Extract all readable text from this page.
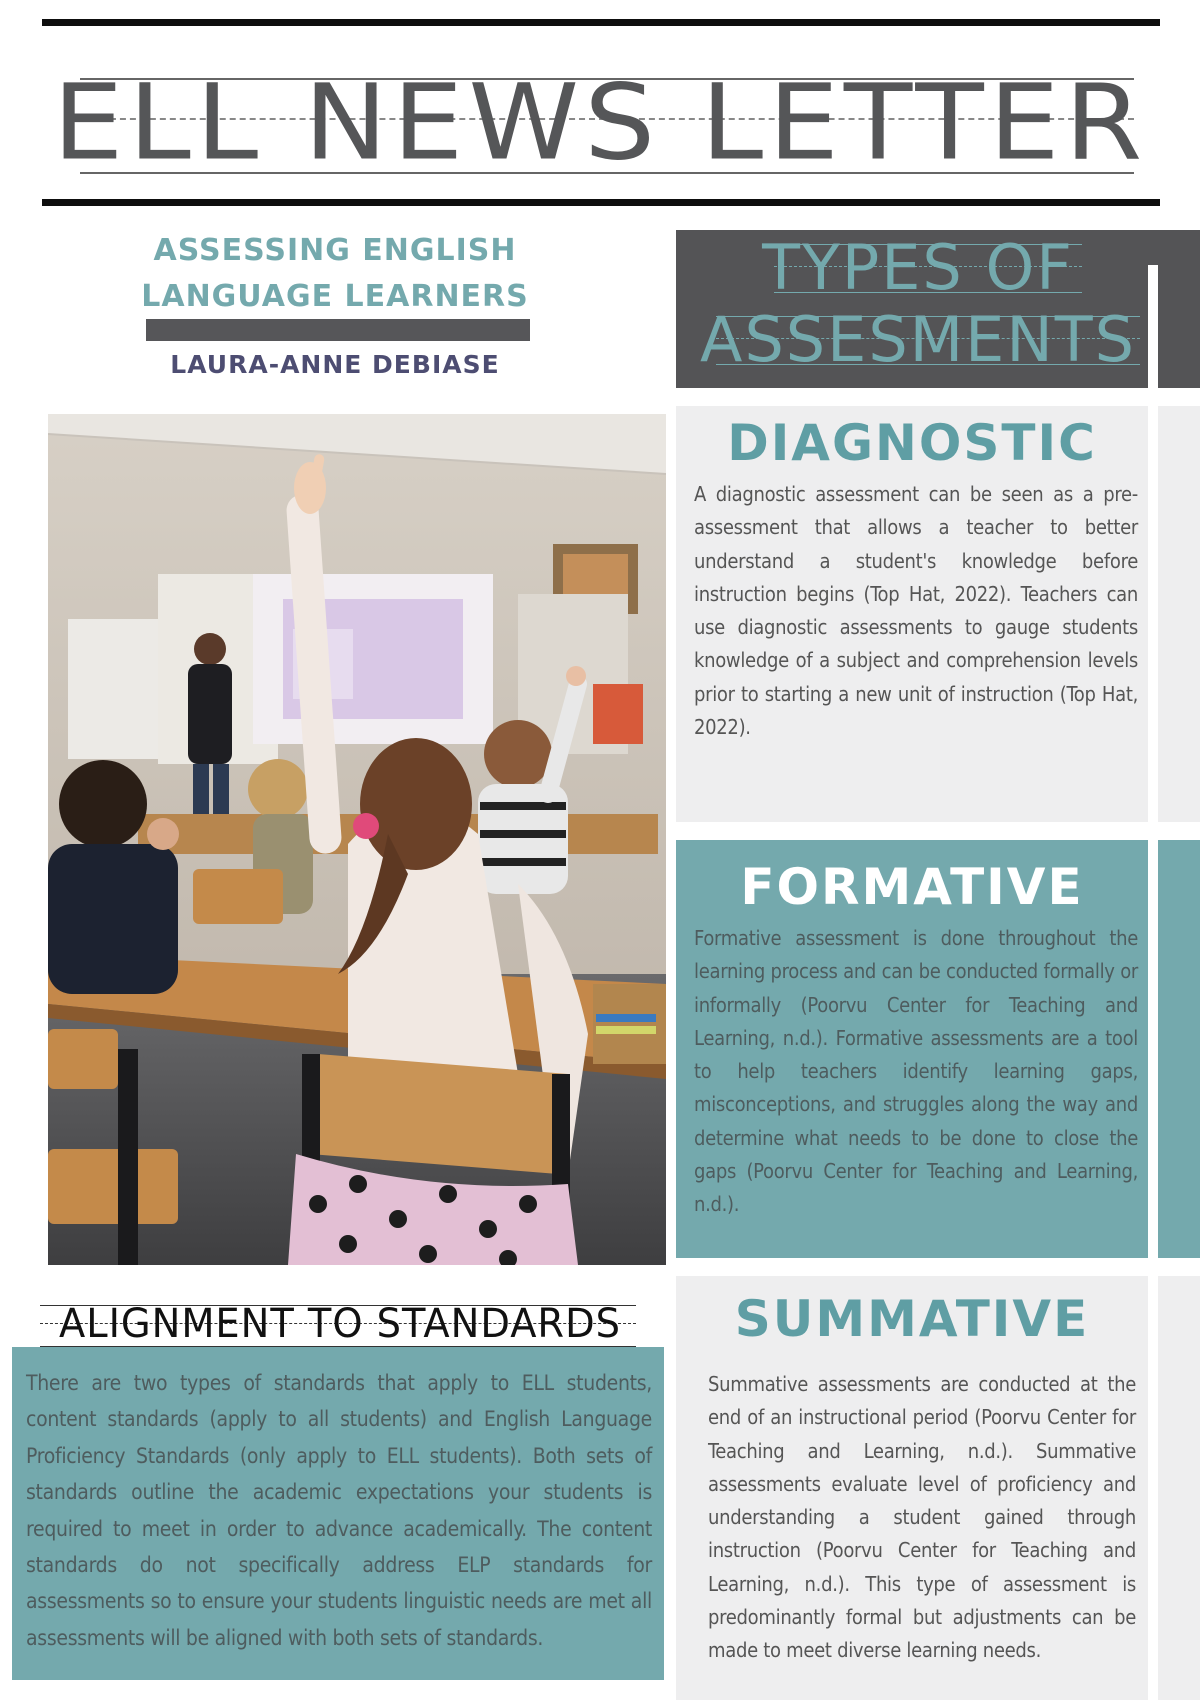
ELL NEWS LETTER
ASSESSING ENGLISH LANGUAGE LEARNERS
LAURA-ANNE DEBIASE
TYPES OF
ASSESMENTS
DIAGNOSTIC
A diagnostic assessment can be seen as a pre-assessment that allows a teacher to better understand a student's knowledge before instruction begins (Top Hat, 2022). Teachers can use diagnostic assessments to gauge students knowledge of a subject and comprehension levels prior to starting a new unit of instruction (Top Hat, 2022).
FORMATIVE
Formative assessment is done throughout the learning process and can be conducted formally or informally (Poorvu Center for Teaching and Learning, n.d.). Formative assessments are a tool to help teachers identify learning gaps, misconceptions, and struggles along the way and determine what needs to be done to close the gaps (Poorvu Center for Teaching and Learning, n.d.).
SUMMATIVE
Summative assessments are conducted at the end of an instructional period (Poorvu Center for Teaching and Learning, n.d.). Summative assessments evaluate level of proficiency and understanding a student gained through instruction (Poorvu Center for Teaching and Learning, n.d.). This type of assessment is predominantly formal but adjustments can be made to meet diverse learning needs.
ALIGNMENT TO STANDARDS
There are two types of standards that apply to ELL students, content standards (apply to all students) and English Language Proficiency Standards (only apply to ELL students). Both sets of standards outline the academic expectations your students is required to meet in order to advance academically. The content standards do not specifically address ELP standards for assessments so to ensure your students linguistic needs are met all assessments will be aligned with both sets of standards.
